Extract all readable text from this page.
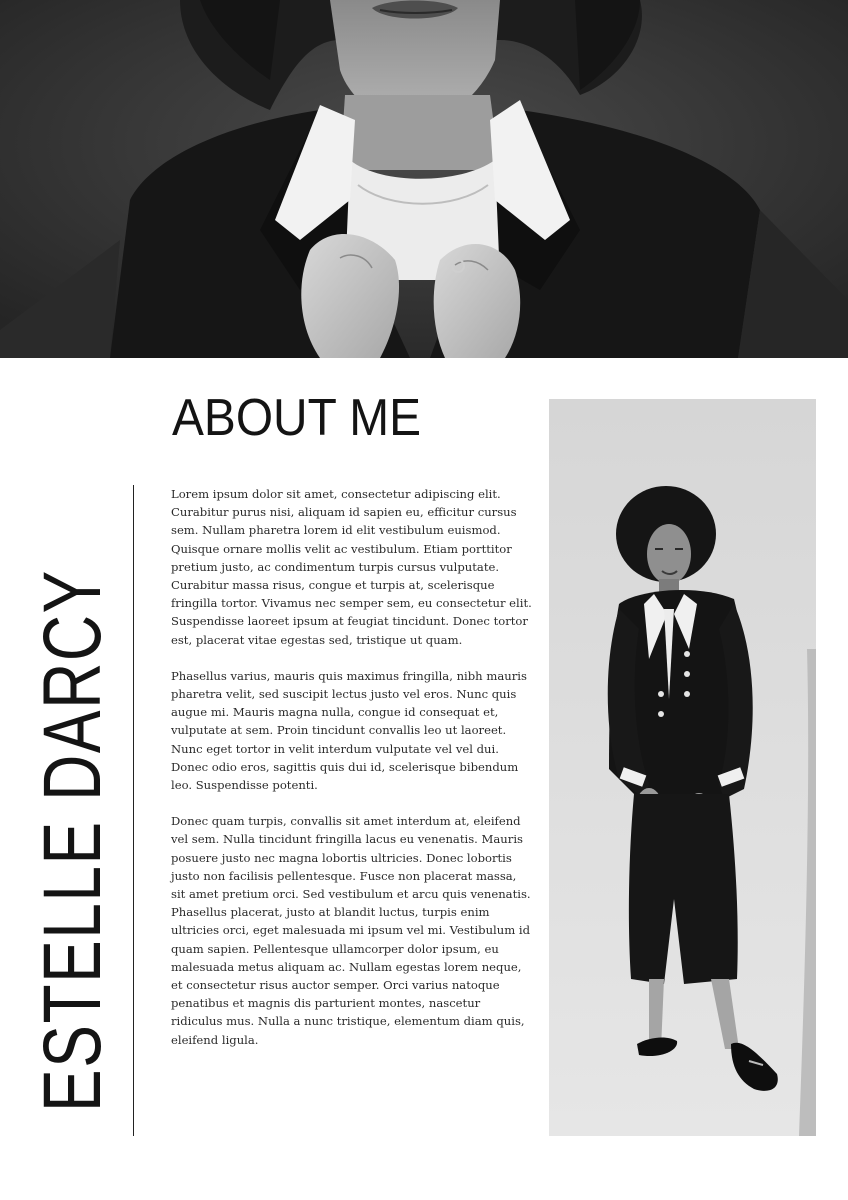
ABOUT ME
ESTELLE DARCY

Lorem ipsum dolor sit amet, consectetur adipiscing elit. Curabitur purus nisi, aliquam id sapien eu, efficitur cursus sem. Nullam pharetra lorem id elit vestibulum euismod. Quisque ornare mollis velit ac vestibulum. Etiam porttitor pretium justo, ac condimentum turpis cursus vulputate. Curabitur massa risus, congue et turpis at, scelerisque fringilla tortor. Vivamus nec semper sem, eu consectetur elit. Suspendisse laoreet ipsum at feugiat tincidunt. Donec tortor est, placerat vitae egestas sed, tristique ut quam.

Phasellus varius, mauris quis maximus fringilla, nibh mauris pharetra velit, sed suscipit lectus justo vel eros. Nunc quis augue mi. Mauris magna nulla, congue id consequat et, vulputate at sem. Proin tincidunt convallis leo ut laoreet. Nunc eget tortor in velit interdum vulputate vel vel dui. Donec odio eros, sagittis quis dui id, scelerisque bibendum leo. Suspendisse potenti.

Donec quam turpis, convallis sit amet interdum at, eleifend vel sem. Nulla tincidunt fringilla lacus eu venenatis. Mauris posuere justo nec magna lobortis ultricies. Donec lobortis justo non facilisis pellentesque. Fusce non placerat massa, sit amet pretium orci. Sed vestibulum et arcu quis venenatis. Phasellus placerat, justo at blandit luctus, turpis enim ultricies orci, eget malesuada mi ipsum vel mi. Vestibulum id quam sapien. Pellentesque ullamcorper dolor ipsum, eu malesuada metus aliquam ac. Nullam egestas lorem neque, et consectetur risus auctor semper. Orci varius natoque penatibus et magnis dis parturient montes, nascetur ridiculus mus. Nulla a nunc tristique, elementum diam quis, eleifend ligula.
